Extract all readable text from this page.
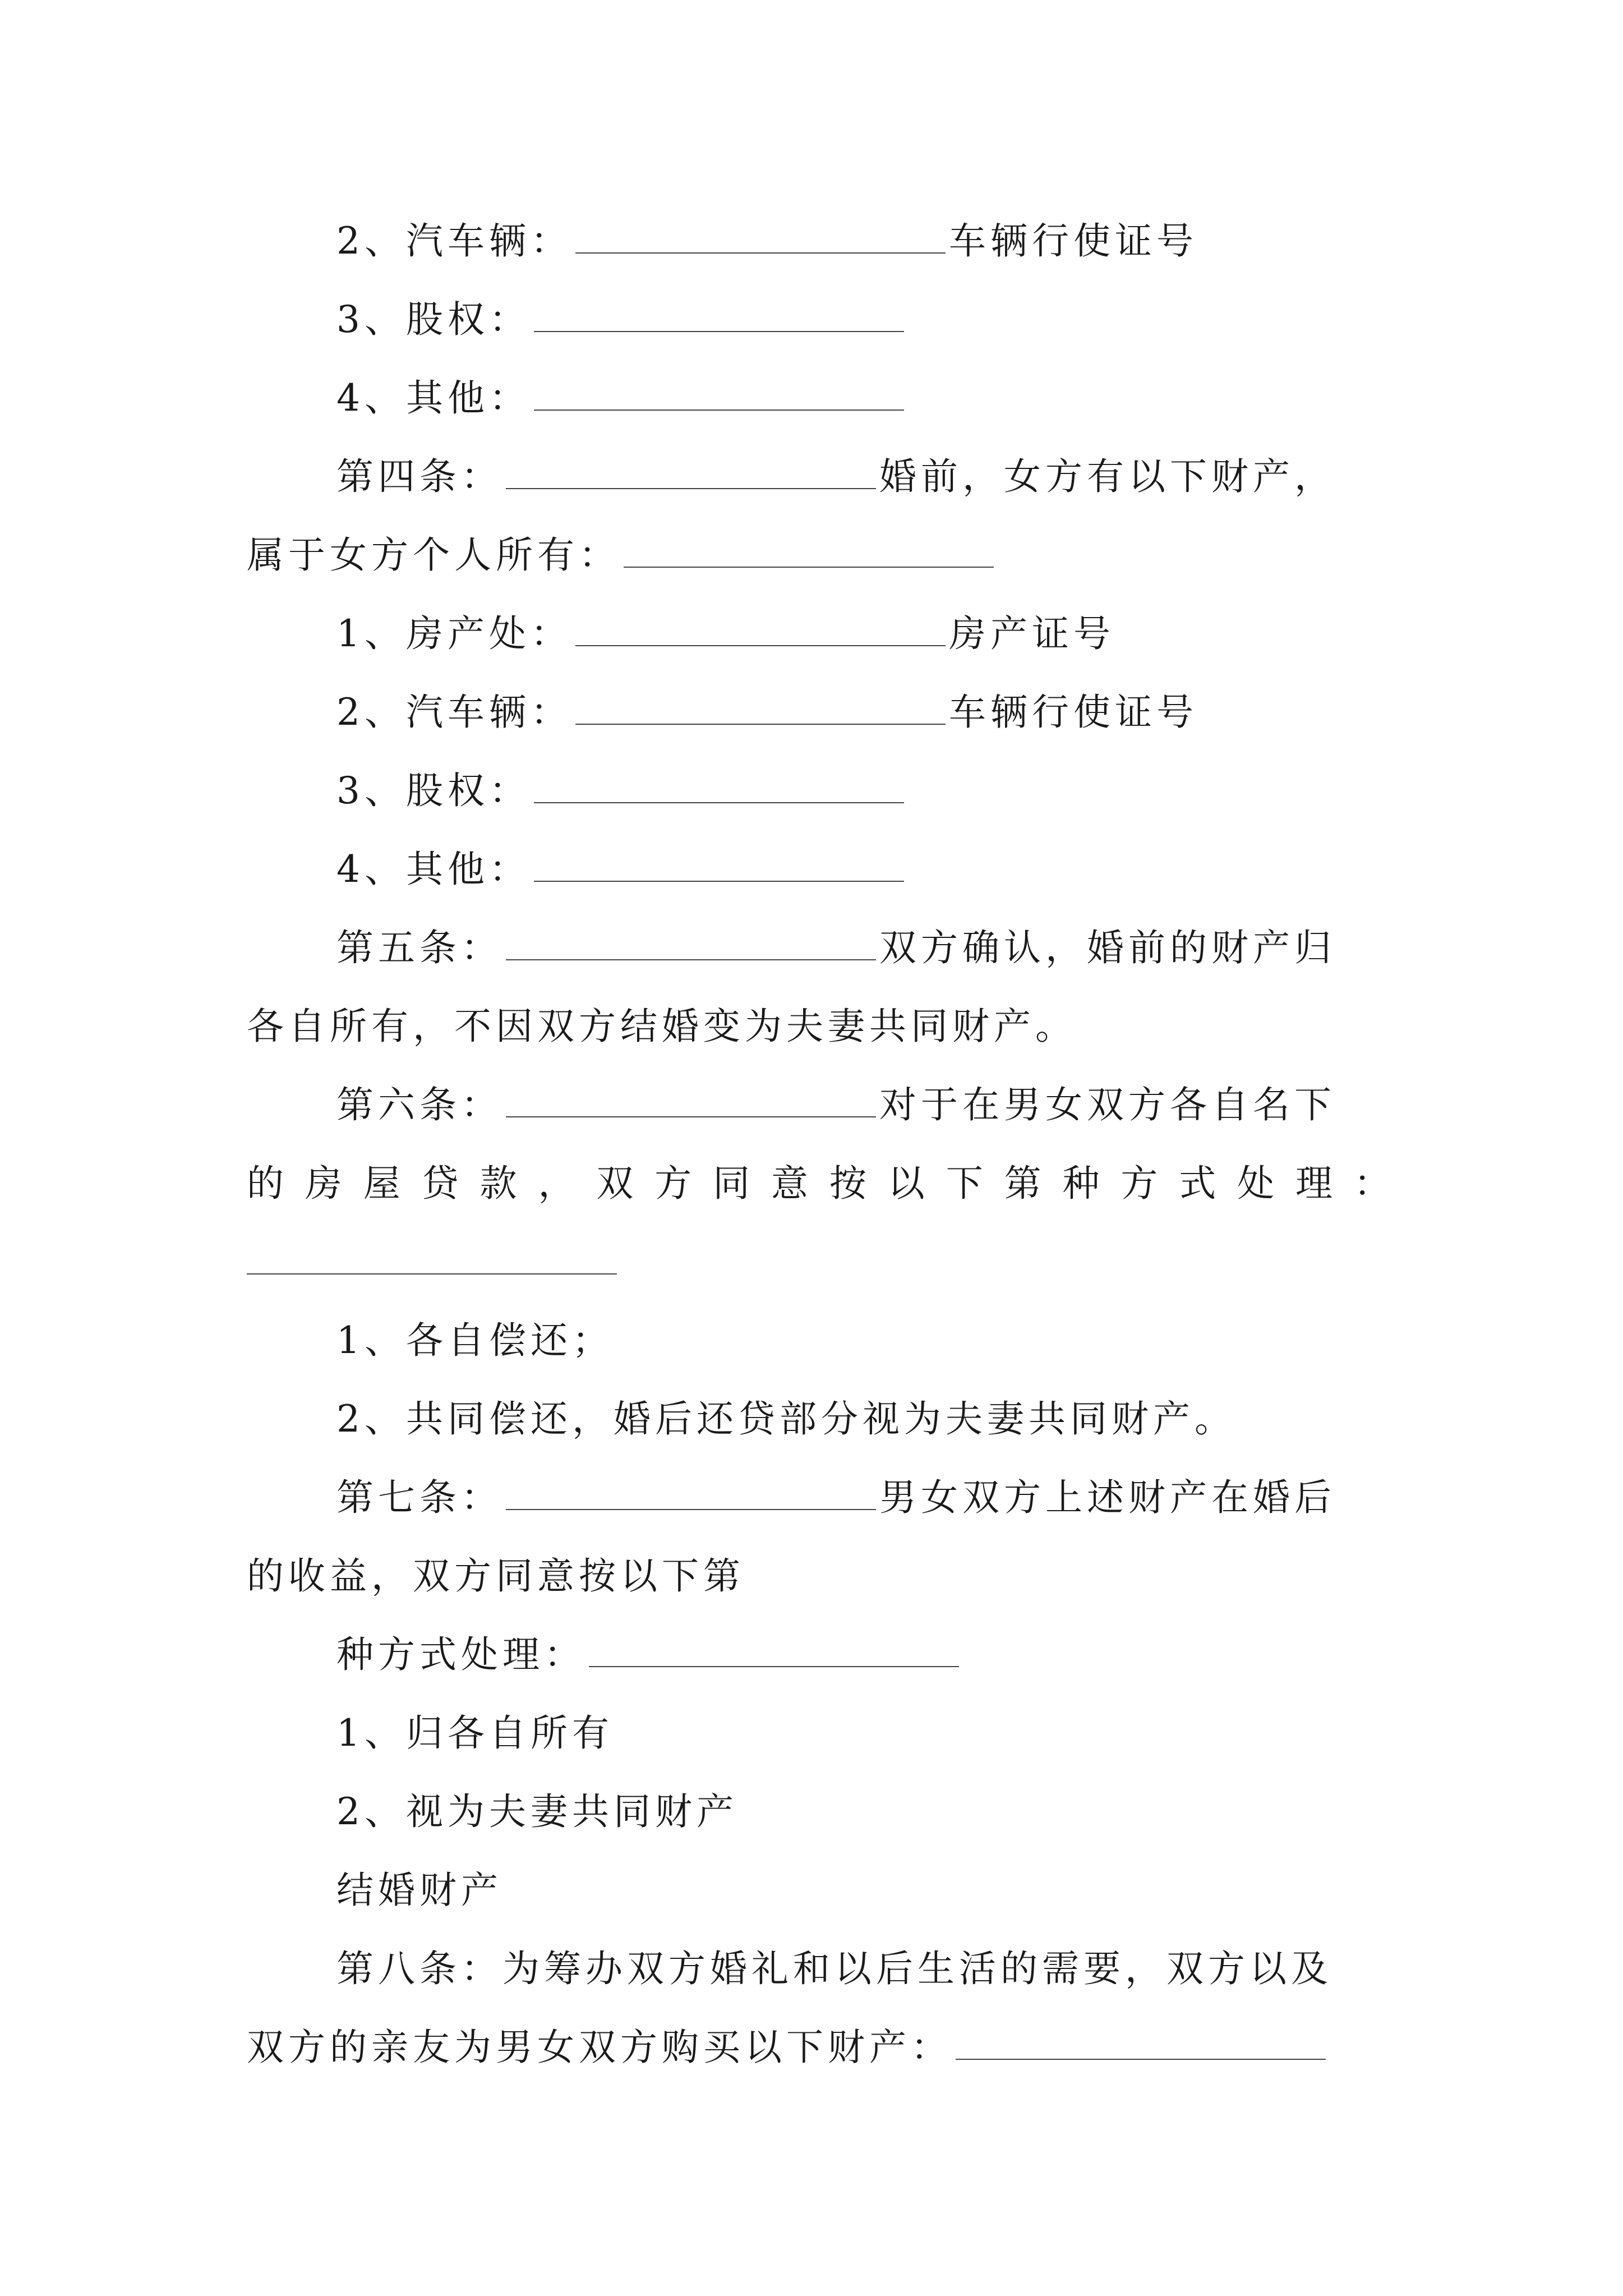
2、汽车辆：	车辆行使证号
3、股权：
4、其他：
第四条：	婚前，女方有以下财产，
属于女方个人所有：
1、房产处：	房产证号
2、汽车辆：	车辆行使证号
3、股权：
4、其他：
第五条：	双方确认，婚前的财产归
各自所有，不因双方结婚变为夫妻共同财产。
第六条：	对于在男女双方各自名下
的 房 屋 贷 款 ， 双 方 同 意 按 以 下 第 种 方 式 处 理 ：
1、各自偿还；
2、共同偿还，婚后还贷部分视为夫妻共同财产。
第七条：	男女双方上述财产在婚后
的收益，双方同意按以下第
种方式处理：
1、归各自所有
2、视为夫妻共同财产
结婚财产
第八条：为筹办双方婚礼和以后生活的需要，双方以及
双方的亲友为男女双方购买以下财产：
